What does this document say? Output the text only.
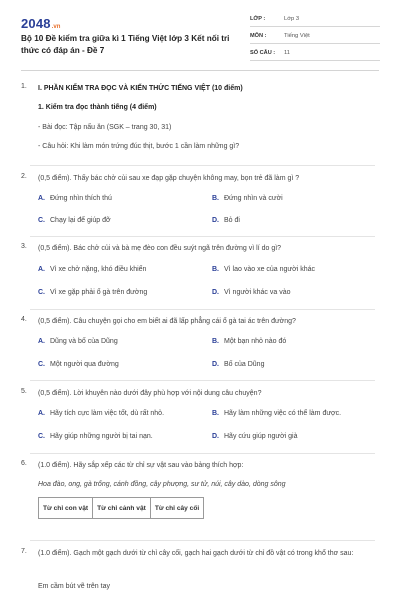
2048 .vn
Bộ 10 Đề kiểm tra giữa kì 1 Tiếng Việt lớp 3 Kết nối tri thức có đáp án - Đề 7
LỚP :	Lớp 3
MÔN :	Tiếng Việt
SỐ CÂU :	11
1. I. PHẦN KIỂM TRA ĐỌC VÀ KIẾN THỨC TIẾNG VIỆT (10 điểm)
1. Kiểm tra đọc thành tiếng (4 điểm)
- Bài đọc: Tập nấu ăn (SGK – trang 30, 31)
- Câu hỏi: Khi làm món trứng đúc thịt, bước 1 cần làm những gì?
2. (0,5 điểm). Thấy bác chở củi sau xe đạp gặp chuyện không may, bọn trẻ đã làm gì ?
A. Đứng nhìn thích thú	B. Đứng nhìn và cười
C. Chạy lại để giúp đỡ	D. Bỏ đi
3. (0,5 điểm). Bác chở củi và bà mẹ đèo con đều suýt ngã trên đường vì lí do gì?
A. Vì xe chở nặng, khó điều khiển	B. Vì lao vào xe của người khác
C. Vì xe gặp phải ổ gà trên đường	D. Vì người khác va vào
4. (0,5 điểm). Câu chuyện gọi cho em biết ai đã lấp phẳng cái ổ gà tai ác trên đường?
A. Dũng và bố của Dũng	B. Một bạn nhỏ nào đó
C. Một người qua đường	D. Bố của Dũng
5. (0,5 điểm). Lời khuyên nào dưới đây phù hợp với nội dung câu chuyện?
A. Hãy tích cực làm việc tốt, dù rất nhỏ.	B. Hãy làm những việc có thể làm được.
C. Hãy giúp những người bị tai nạn.	D. Hãy cứu giúp người già
6. (1.0 điểm). Hãy sắp xếp các từ chỉ sự vật sau vào bảng thích hợp:
Hoa đào, ong, gà trống, cánh đồng, cây phượng, sư tử, núi, cây dào, dòng sông
Từ chỉ con vật	Từ chỉ cảnh vật	Từ chỉ cây cối
7. (1.0 điểm). Gạch một gạch dưới từ chỉ cây cối, gạch hai gạch dưới từ chỉ đồ vật có trong khổ thơ sau:
Em cầm bút vẽ trên tay
